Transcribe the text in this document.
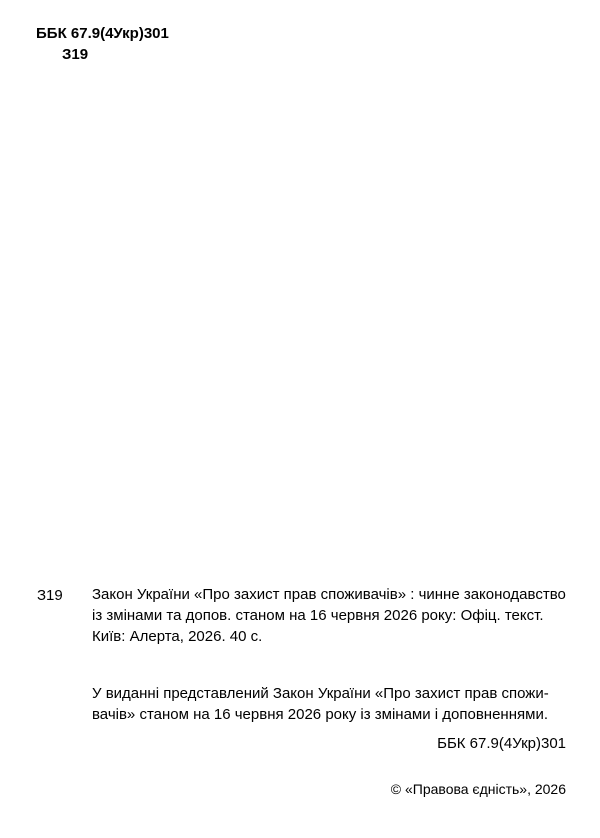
ББК 67.9(4Укр)301
З19
З19 Закон України «Про захист прав споживачів» : чинне законодавство
із змінами та допов. станом на 16 червня 2026 року: Офіц. текст.
Київ: Алерта, 2026. 40 с.
У виданні представлений Закон України «Про захист прав спожи-
вачів» станом на 16 червня 2026 року із змінами і доповненнями.
ББК 67.9(4Укр)301
© «Правова єдність», 2026
